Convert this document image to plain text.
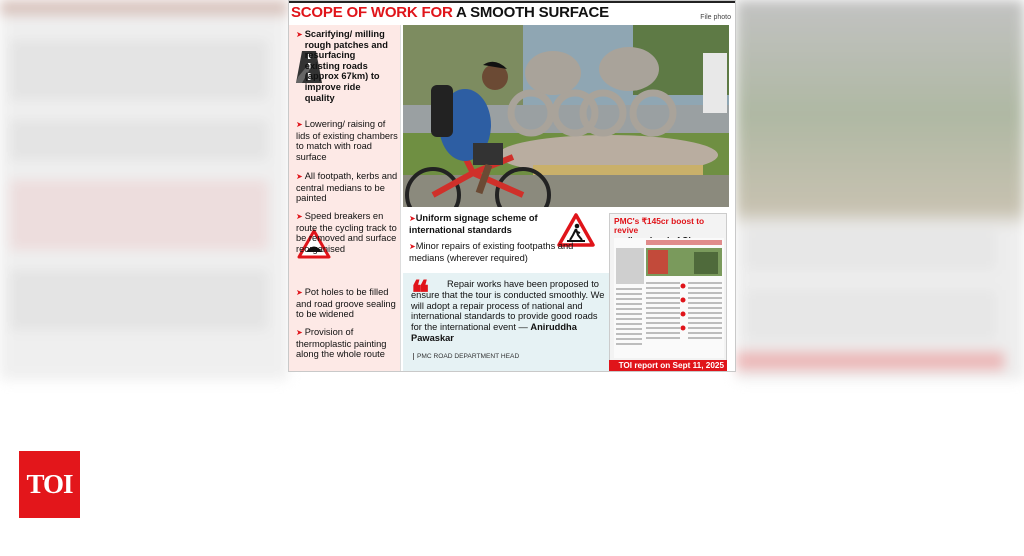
SCOPE OF WORK FOR A SMOOTH SURFACE	File photo
➤ Scarifying/ milling rough patches and resurfacing existing roads (approx 67km) to improve ride quality
➤ Lowering/ raising of lids of existing chambers to match with road surface
➤ All footpath, kerbs and central medians to be painted
➤ Speed breakers en route the cycling track to be removed and surface reorganised
➤ Pot holes to be filled and road groove sealing to be widened
➤ Provision of thermoplastic painting along the whole route
➤Uniform signage scheme of international standards
➤Minor repairs of existing footpaths and medians (wherever required)
❝	Repair works have been proposed to ensure that the tour is conducted smoothly. We will adopt a repair process of national and international standards to provide good roads for the international event — Aniruddha Pawaskar
PMC ROAD DEPARTMENT HEAD
PMC's ₹145cr boost to revive

TOI report on Sept 11, 2025
TOI
